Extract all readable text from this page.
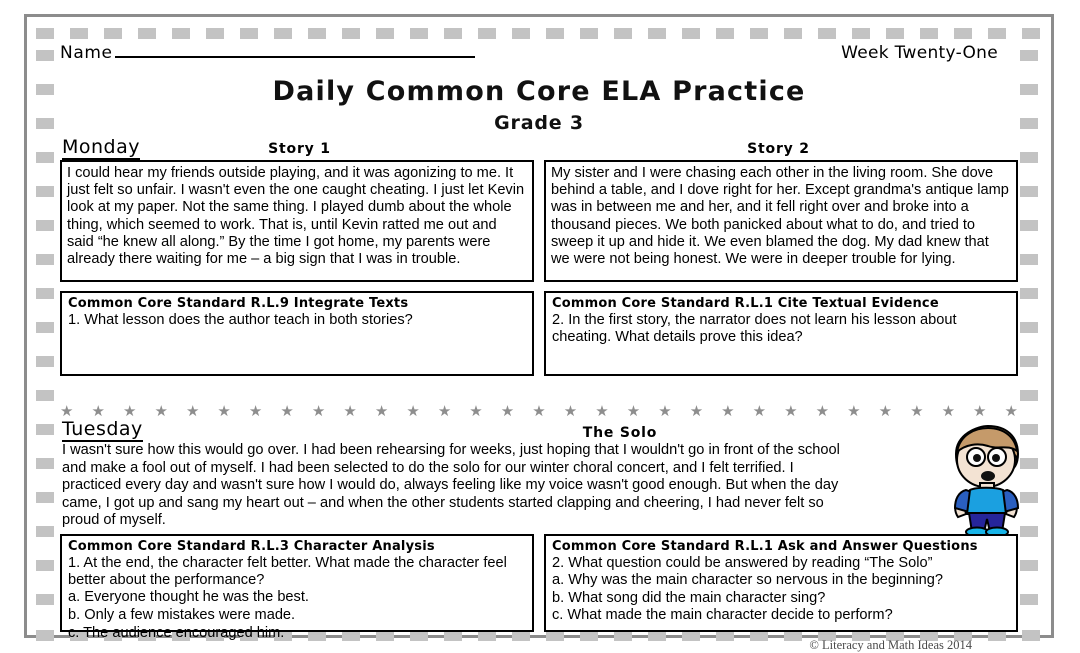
Name	Week Twenty-One
Daily Common Core ELA Practice
Grade 3
Monday	Story 1	Story 2
I could hear my friends outside playing, and it was agonizing to me. It just felt so unfair. I wasn't even the one caught cheating. I just let Kevin look at my paper. Not the same thing. I played dumb about the whole thing, which seemed to work. That is, until Kevin ratted me out and said “he knew all along.” By the time I got home, my parents were already there waiting for me – a big sign that I was in trouble.
Common Core Standard R.L.9 Integrate Texts
1. What lesson does the author teach in both stories?
My sister and I were chasing each other in the living room. She dove behind a table, and I dove right for her. Except grandma's antique lamp was in between me and her, and it fell right over and broke into a thousand pieces. We both panicked about what to do, and tried to sweep it up and hide it. We even blamed the dog. My dad knew that we were not being honest. We were in deeper trouble for lying.
Common Core Standard R.L.1 Cite Textual Evidence
2. In the first story, the narrator does not learn his lesson about cheating. What details prove this idea?
★ ★ ★ ★ ★ ★ ★ ★ ★ ★ ★ ★ ★ ★ ★ ★ ★ ★ ★ ★ ★ ★ ★ ★ ★ ★ ★ ★ ★ ★ ★
Tuesday	The Solo
I wasn't sure how this would go over. I had been rehearsing for weeks, just hoping that I wouldn't go in front of the school and make a fool out of myself. I had been selected to do the solo for our winter choral concert, and I felt terrified. I practiced every day and wasn't sure how I would do, always feeling like my voice wasn't good enough. But when the day came, I got up and sang my heart out – and when the other students started clapping and cheering, I had never felt so proud of myself.
Common Core Standard R.L.3 Character Analysis
1. At the end, the character felt better. What made the character feel better about the performance?
a. Everyone thought he was the best.
b. Only a few mistakes were made.
c. The audience encouraged him.
Common Core Standard R.L.1 Ask and Answer Questions
2. What question could be answered by reading “The Solo”
a. Why was the main character so nervous in the beginning?
b. What song did the main character sing?
c. What made the main character decide to perform?
© Literacy and Math Ideas 2014
